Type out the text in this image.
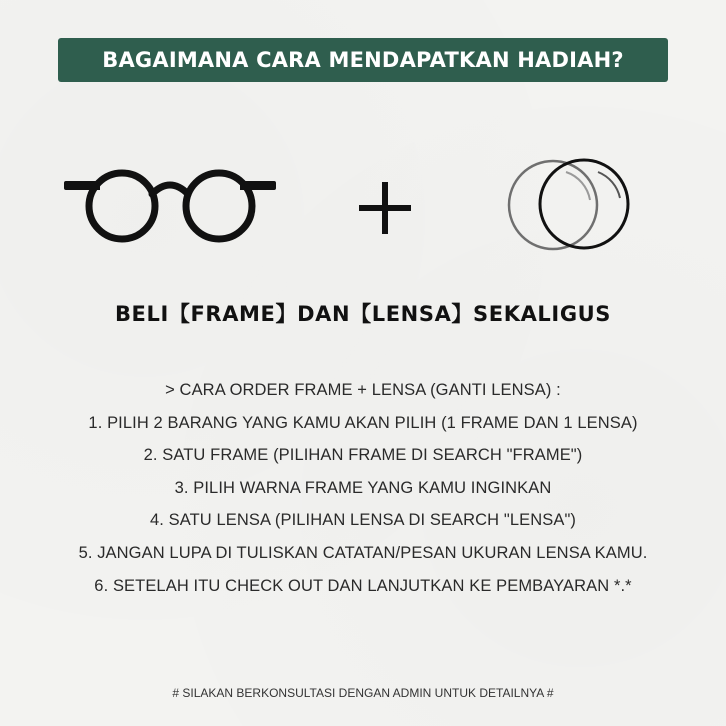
BAGAIMANA CARA MENDAPATKAN HADIAH?
BELI【FRAME】DAN【LENSA】SEKALIGUS
> CARA ORDER FRAME + LENSA (GANTI LENSA) :
1. PILIH 2 BARANG YANG KAMU AKAN PILIH (1 FRAME DAN 1 LENSA)
2. SATU FRAME (PILIHAN FRAME DI SEARCH "FRAME")
3. PILIH WARNA FRAME YANG KAMU INGINKAN
4. SATU LENSA (PILIHAN LENSA DI SEARCH "LENSA")
5. JANGAN LUPA DI TULISKAN CATATAN/PESAN UKURAN LENSA KAMU.
6. SETELAH ITU CHECK OUT DAN LANJUTKAN KE PEMBAYARAN *.*
# SILAKAN BERKONSULTASI DENGAN ADMIN UNTUK DETAILNYA #
